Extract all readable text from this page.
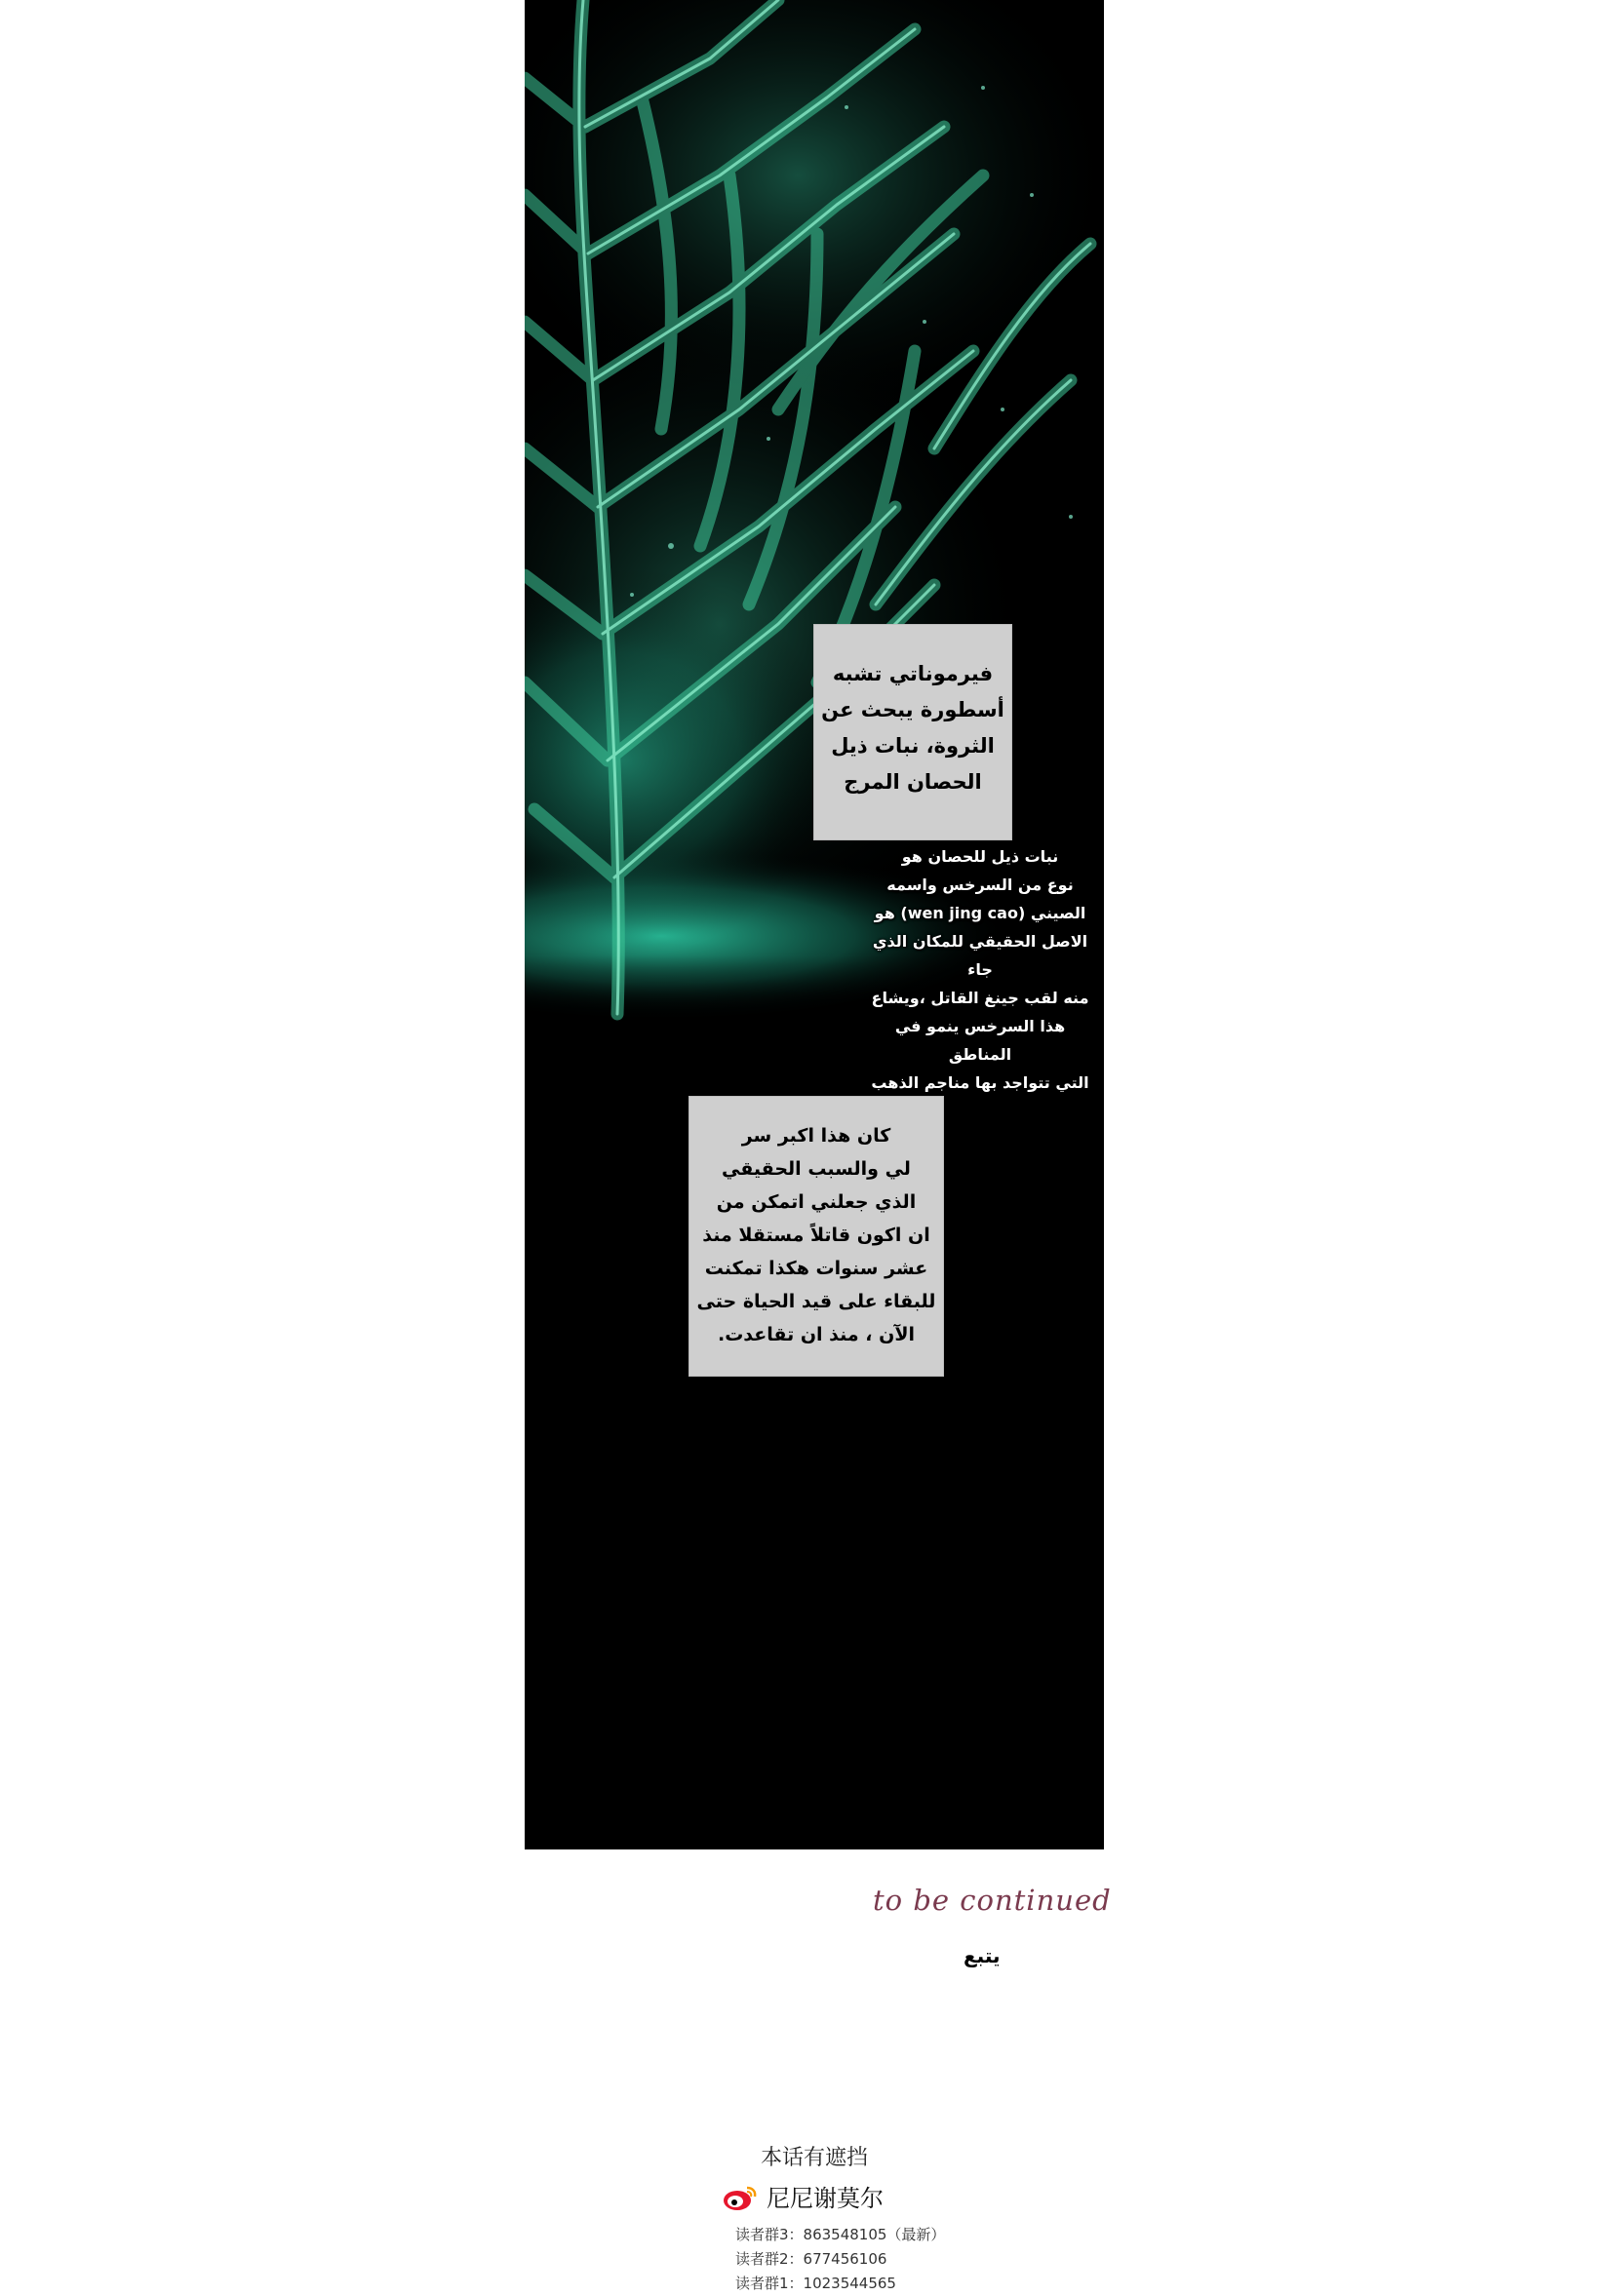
فيرموناتي تشبه

أسطورة يبحث عن

الثروة، نبات ذيل

الحصان المرج

نبات ذيل للحصان هو

نوع من السرخس واسمه

الصيني (wen jing cao) هو

الاصل الحقيقي للمكان الذي جاء

منه لقب جينغ القاتل ،ويشاع

هذا السرخس ينمو في المناطق

التي تتواجد بها مناجم الذهب

كان هذا اكبر سر

لي والسبب الحقيقي

الذي جعلني اتمكن من

ان اكون قاتلاً مستقلا منذ

عشر سنوات هكذا تمكنت

للبقاء على قيد الحياة حتى

الآن ، منذ ان تقاعدت.

to be continued
يتبع
本话有遮挡
尼尼谢莫尔
读者群3：863548105（最新）
读者群2：677456106
读者群1：1023544565
